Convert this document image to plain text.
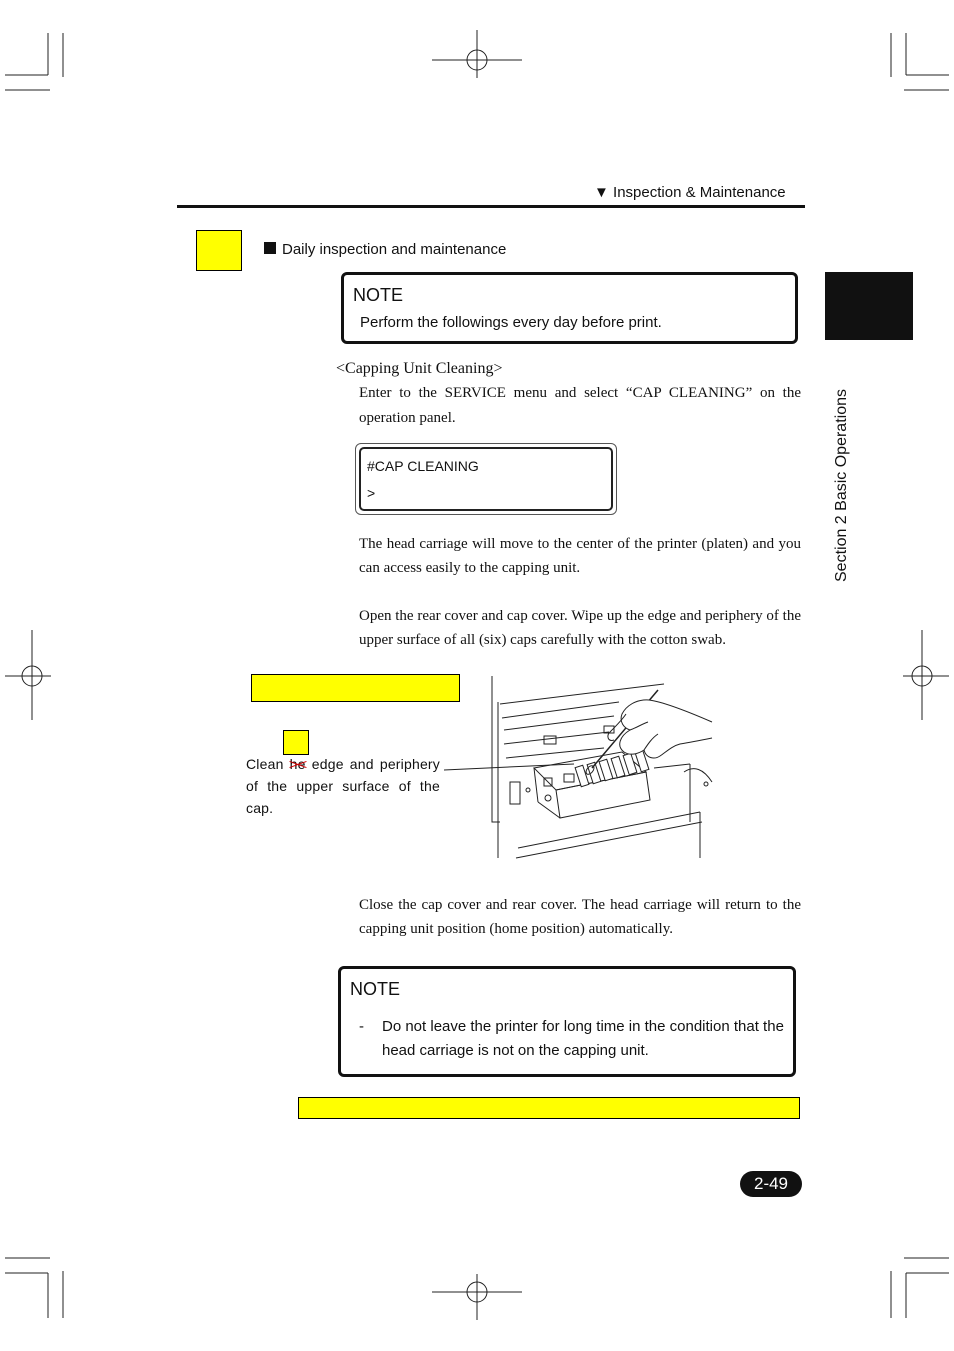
▼ Inspection & Maintenance
Section 2 Basic Operations
Daily inspection and maintenance
NOTE
Perform the followings every day before print.
<Capping Unit Cleaning>
Enter to the SERVICE menu and select “CAP CLEANING” on the operation panel.
#CAP CLEANING
>
The head carriage will move to the center of the printer (platen) and you can access easily to the capping unit.
Open the rear cover and cap cover. Wipe up the edge and periphery of the upper surface of all (six) caps carefully with the cotton swab.
Clean he edge and periphery of the upper surface of the cap.
Close the cap cover and rear cover. The head carriage will return to the capping unit position (home position) automatically.
NOTE
- Do not leave the printer for long time in the condition that the head carriage is not on the capping unit.
2-49
